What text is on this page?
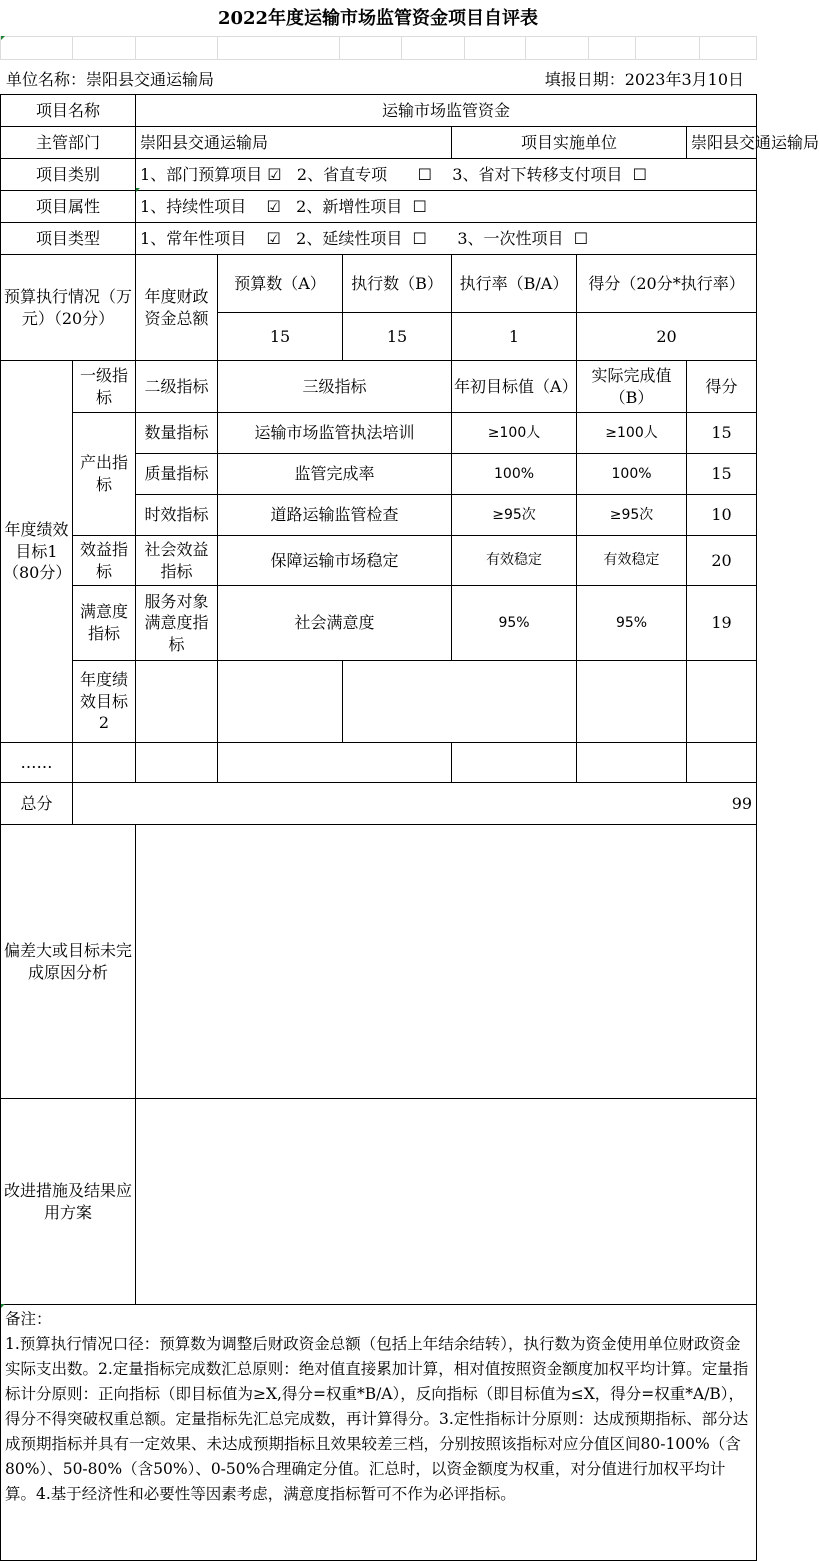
2022年度运输市场监管资金项目自评表

单位名称：崇阳县交通运输局	填报日期：2023年3月10日
项目名称		运输市场监管资金						
主管部门		崇阳县交通运输局			项目实施单位		崇阳县交通运输局	
项目类别		1、部门预算项目 ☑ 2、省直专项 ☐ 3、省对下转移支付项目 ☐						
项目属性		1、持续性项目 ☑ 2、新增性项目 ☐						
项目类型		1、常年性项目 ☑ 2、延续性项目 ☐ 3、一次性项目 ☐						
预算执行情况（万元）（20分）		年度财政资金总额	预算数（A）	执行数（B）	执行率（B/A）	得分（20分*执行率）		
			15	15	1	20		
年度绩效目标1（80分）	一级指标	二级指标	三级指标		年初目标值（A）	实际完成值（B）	得分	
	产出指标	数量指标	运输市场监管执法培训		≥100人	≥100人	15	
		质量指标	监管完成率		100%	100%	15	
		时效指标	道路运输监管检查		≥95次	≥95次	10	
	效益指标	社会效益指标	保障运输市场稳定		有效稳定	有效稳定	20	
	满意度指标	服务对象满意度指标	社会满意度		95%	95%	19	
	年度绩效目标2							
……								
总分	99							
偏差大或目标未完成原因分析								
改进措施及结果应用方案								

备注：
1.预算执行情况口径：预算数为调整后财政资金总额（包括上年结余结转），执行数为资金使用单位财政资金实际支出数。2.定量指标完成数汇总原则：绝对值直接累加计算，相对值按照资金额度加权平均计算。定量指标计分原则：正向指标（即目标值为≥X,得分=权重*B/A），反向指标（即目标值为≤X，得分=权重*A/B），得分不得突破权重总额。定量指标先汇总完成数，再计算得分。3.定性指标计分原则：达成预期指标、部分达成预期指标并具有一定效果、未达成预期指标且效果较差三档，分别按照该指标对应分值区间80-100%（含80%）、50-80%（含50%）、0-50%合理确定分值。汇总时，以资金额度为权重，对分值进行加权平均计算。4.基于经济性和必要性等因素考虑，满意度指标暂可不作为必评指标。								
